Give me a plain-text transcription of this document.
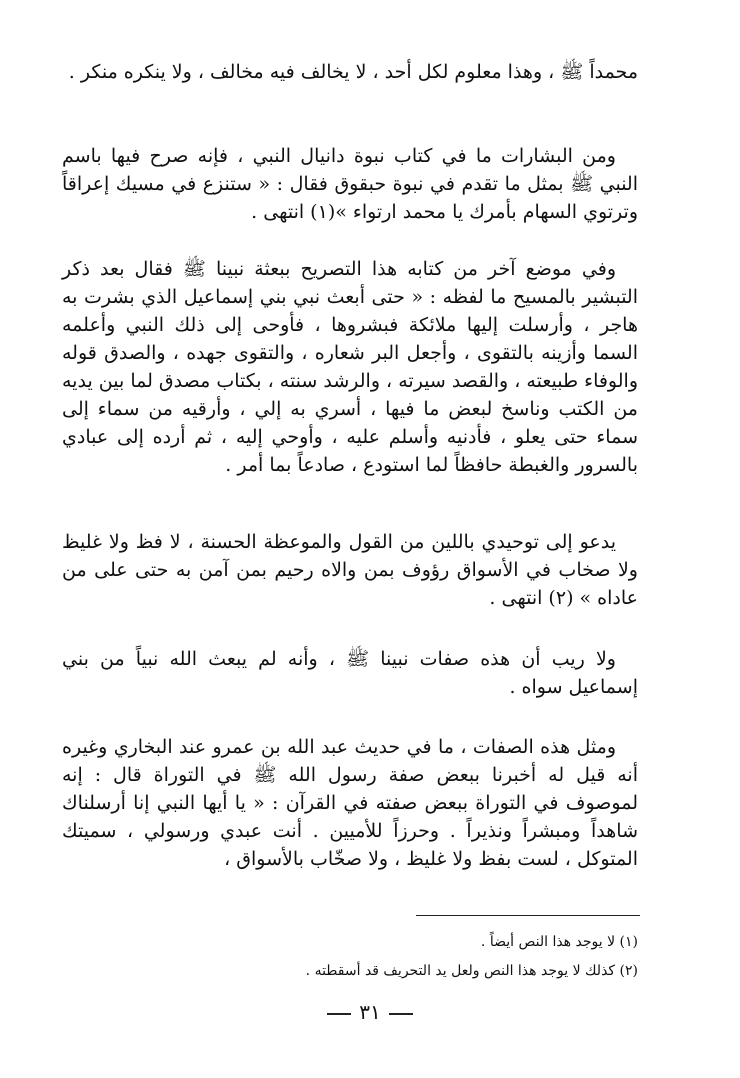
محمداً ﷺ ، وهذا معلوم لكل أحد ، لا يخالف فيه مخالف ، ولا ينكره منكر .

ومن البشارات ما في كتاب نبوة دانيال النبي ، فإنه صرح فيها باسم النبي ﷺ بمثل ما تقدم في نبوة حبقوق فقال : « ستنزع في مسيك إعراقاً وترتوي السهام بأمرك يا محمد ارتواء »(١) انتهى .

وفي موضع آخر من كتابه هذا التصريح ببعثة نبينا ﷺ فقال بعد ذكر التبشير بالمسيح ما لفظه : « حتى أبعث نبي بني إسماعيل الذي بشرت به هاجر ، وأرسلت إليها ملائكة فبشروها ، فأوحى إلى ذلك النبي وأعلمه السما وأزينه بالتقوى ، وأجعل البر شعاره ، والتقوى جهده ، والصدق قوله والوفاء طبيعته ، والقصد سيرته ، والرشد سنته ، بكتاب مصدق لما بين يديه من الكتب وناسخ لبعض ما فيها ، أسري به إلي ، وأرقيه من سماء إلى سماء حتى يعلو ، فأدنيه وأسلم عليه ، وأوحي إليه ، ثم أرده إلى عبادي بالسرور والغبطة حافظاً لما استودع ، صادعاً بما أمر .

يدعو إلى توحيدي باللين من القول والموعظة الحسنة ، لا فظ ولا غليظ ولا صخاب في الأسواق رؤوف بمن والاه رحيم بمن آمن به حتى على من عاداه » (٢) انتهى .

ولا ريب أن هذه صفات نبينا ﷺ ، وأنه لم يبعث الله نبياً من بني إسماعيل سواه .

ومثل هذه الصفات ، ما في حديث عبد الله بن عمرو عند البخاري وغيره أنه قيل له أخبرنا ببعض صفة رسول الله ﷺ في التوراة قال : إنه لموصوف في التوراة ببعض صفته في القرآن : « يا أيها النبي إنا أرسلناك شاهداً ومبشراً ونذيراً . وحرزاً للأميين . أنت عبدي ورسولي ، سميتك المتوكل ، لست بفظ ولا غليظ ، ولا صخّاب بالأسواق ،

(١) لا يوجد هذا النص أيضاً .
(٢) كذلك لا يوجد هذا النص ولعل يد التحريف قد أسقطته .
٣١
